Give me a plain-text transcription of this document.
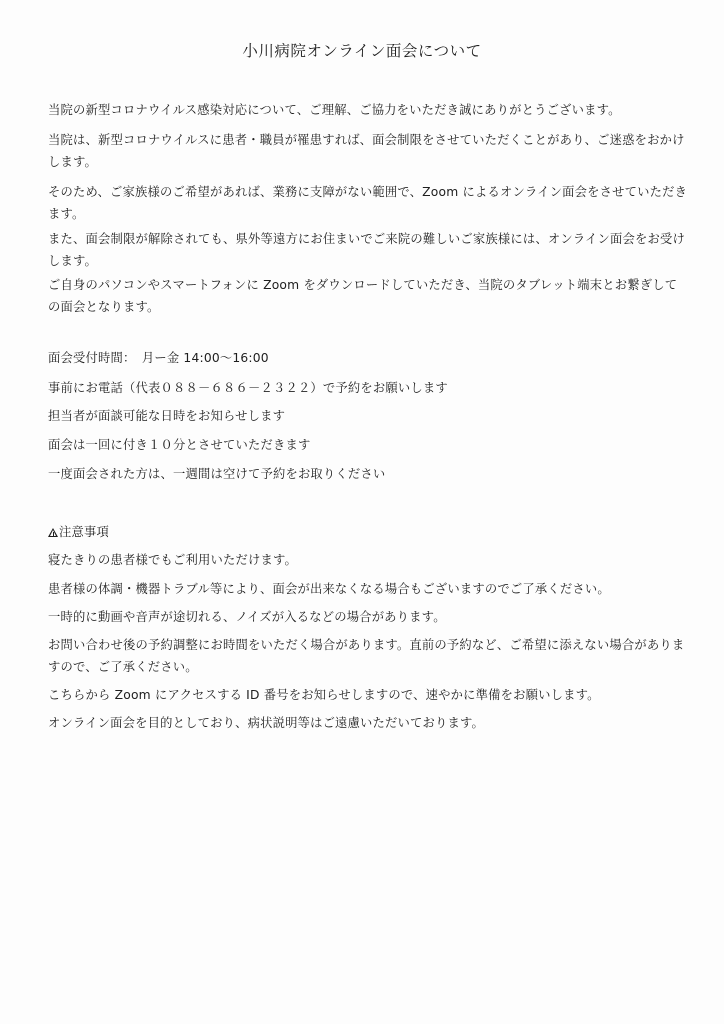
小川病院オンライン面会について

当院の新型コロナウイルス感染対応について、ご理解、ご協力をいただき誠にありがとうございます。

当院は、新型コロナウイルスに患者・職員が罹患すれば、面会制限をさせていただくことがあり、ご迷惑をおかけします。

そのため、ご家族様のご希望があれば、業務に支障がない範囲で、Zoom によるオンライン面会をさせていただきます。

また、面会制限が解除されても、県外等遠方にお住まいでご来院の難しいご家族様には、オンライン面会をお受けします。

ご自身のパソコンやスマートフォンに Zoom をダウンロードしていただき、当院のタブレット端末とお繋ぎしての面会となります。

面会受付時間：　月ー金 14:00～16:00

事前にお電話（代表０８８－６８６－２３２２）で予約をお願いします

担当者が面談可能な日時をお知らせします

面会は一回に付き１０分とさせていただきます

一度面会された方は、一週間は空けて予約をお取りください

注意事項

寝たきりの患者様でもご利用いただけます。

患者様の体調・機器トラブル等により、面会が出来なくなる場合もございますのでご了承ください。

一時的に動画や音声が途切れる、ノイズが入るなどの場合があります。

お問い合わせ後の予約調整にお時間をいただく場合があります。直前の予約など、ご希望に添えない場合がありますので、ご了承ください。

こちらから Zoom にアクセスする ID 番号をお知らせしますので、速やかに準備をお願いします。

オンライン面会を目的としており、病状説明等はご遠慮いただいております。
